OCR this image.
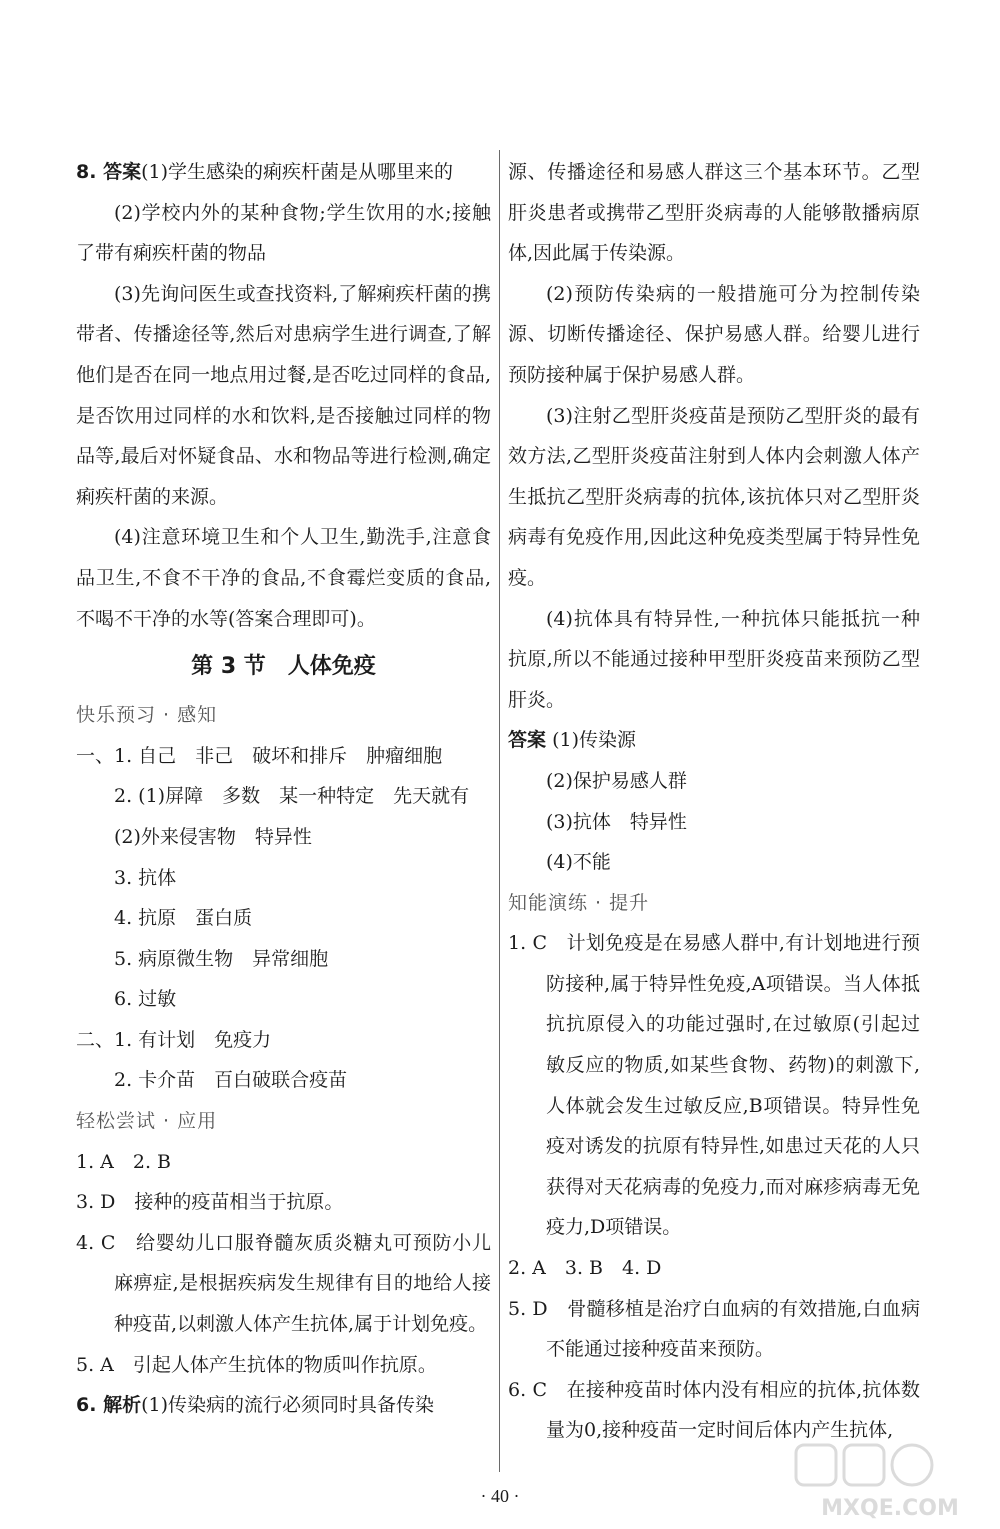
8. 答案(1)学生感染的痢疾杆菌是从哪里来的

(2)学校内外的某种食物;学生饮用的水;接触了带有痢疾杆菌的物品

(3)先询问医生或查找资料,了解痢疾杆菌的携带者、传播途径等,然后对患病学生进行调查,了解他们是否在同一地点用过餐,是否吃过同样的食品,是否饮用过同样的水和饮料,是否接触过同样的物品等,最后对怀疑食品、水和物品等进行检测,确定痢疾杆菌的来源。

(4)注意环境卫生和个人卫生,勤洗手,注意食品卫生,不食不干净的食品,不食霉烂变质的食品,不喝不干净的水等(答案合理即可)。

第 3 节　人体免疫

快乐预习 · 感知

一、1. 自己　非己　破坏和排斥　肿瘤细胞

2. (1)屏障　多数　某一种特定　先天就有

(2)外来侵害物　特异性

3. 抗体

4. 抗原　蛋白质

5. 病原微生物　异常细胞

6. 过敏

二、1. 有计划　免疫力

2. 卡介苗　百白破联合疫苗

轻松尝试 · 应用

1. A　2. B

3. D　接种的疫苗相当于抗原。

4. C　给婴幼儿口服脊髓灰质炎糖丸可预防小儿麻痹症,是根据疾病发生规律有目的地给人接种疫苗,以刺激人体产生抗体,属于计划免疫。

5. A　引起人体产生抗体的物质叫作抗原。

6. 解析(1)传染病的流行必须同时具备传染

源、传播途径和易感人群这三个基本环节。乙型肝炎患者或携带乙型肝炎病毒的人能够散播病原体,因此属于传染源。

(2)预防传染病的一般措施可分为控制传染源、切断传播途径、保护易感人群。给婴儿进行预防接种属于保护易感人群。

(3)注射乙型肝炎疫苗是预防乙型肝炎的最有效方法,乙型肝炎疫苗注射到人体内会刺激人体产生抵抗乙型肝炎病毒的抗体,该抗体只对乙型肝炎病毒有免疫作用,因此这种免疫类型属于特异性免疫。

(4)抗体具有特异性,一种抗体只能抵抗一种抗原,所以不能通过接种甲型肝炎疫苗来预防乙型肝炎。

答案 (1)传染源

(2)保护易感人群

(3)抗体　特异性

(4)不能

知能演练 · 提升

1. C　计划免疫是在易感人群中,有计划地进行预防接种,属于特异性免疫,A项错误。当人体抵抗抗原侵入的功能过强时,在过敏原(引起过敏反应的物质,如某些食物、药物)的刺激下,人体就会发生过敏反应,B项错误。特异性免疫对诱发的抗原有特异性,如患过天花的人只获得对天花病毒的免疫力,而对麻疹病毒无免疫力,D项错误。

2. A　3. B　4. D

5. D　骨髓移植是治疗白血病的有效措施,白血病不能通过接种疫苗来预防。

6. C　在接种疫苗时体内没有相应的抗体,抗体数量为0,接种疫苗一定时间后体内产生抗体,

· 40 ·	MXQE.COM
